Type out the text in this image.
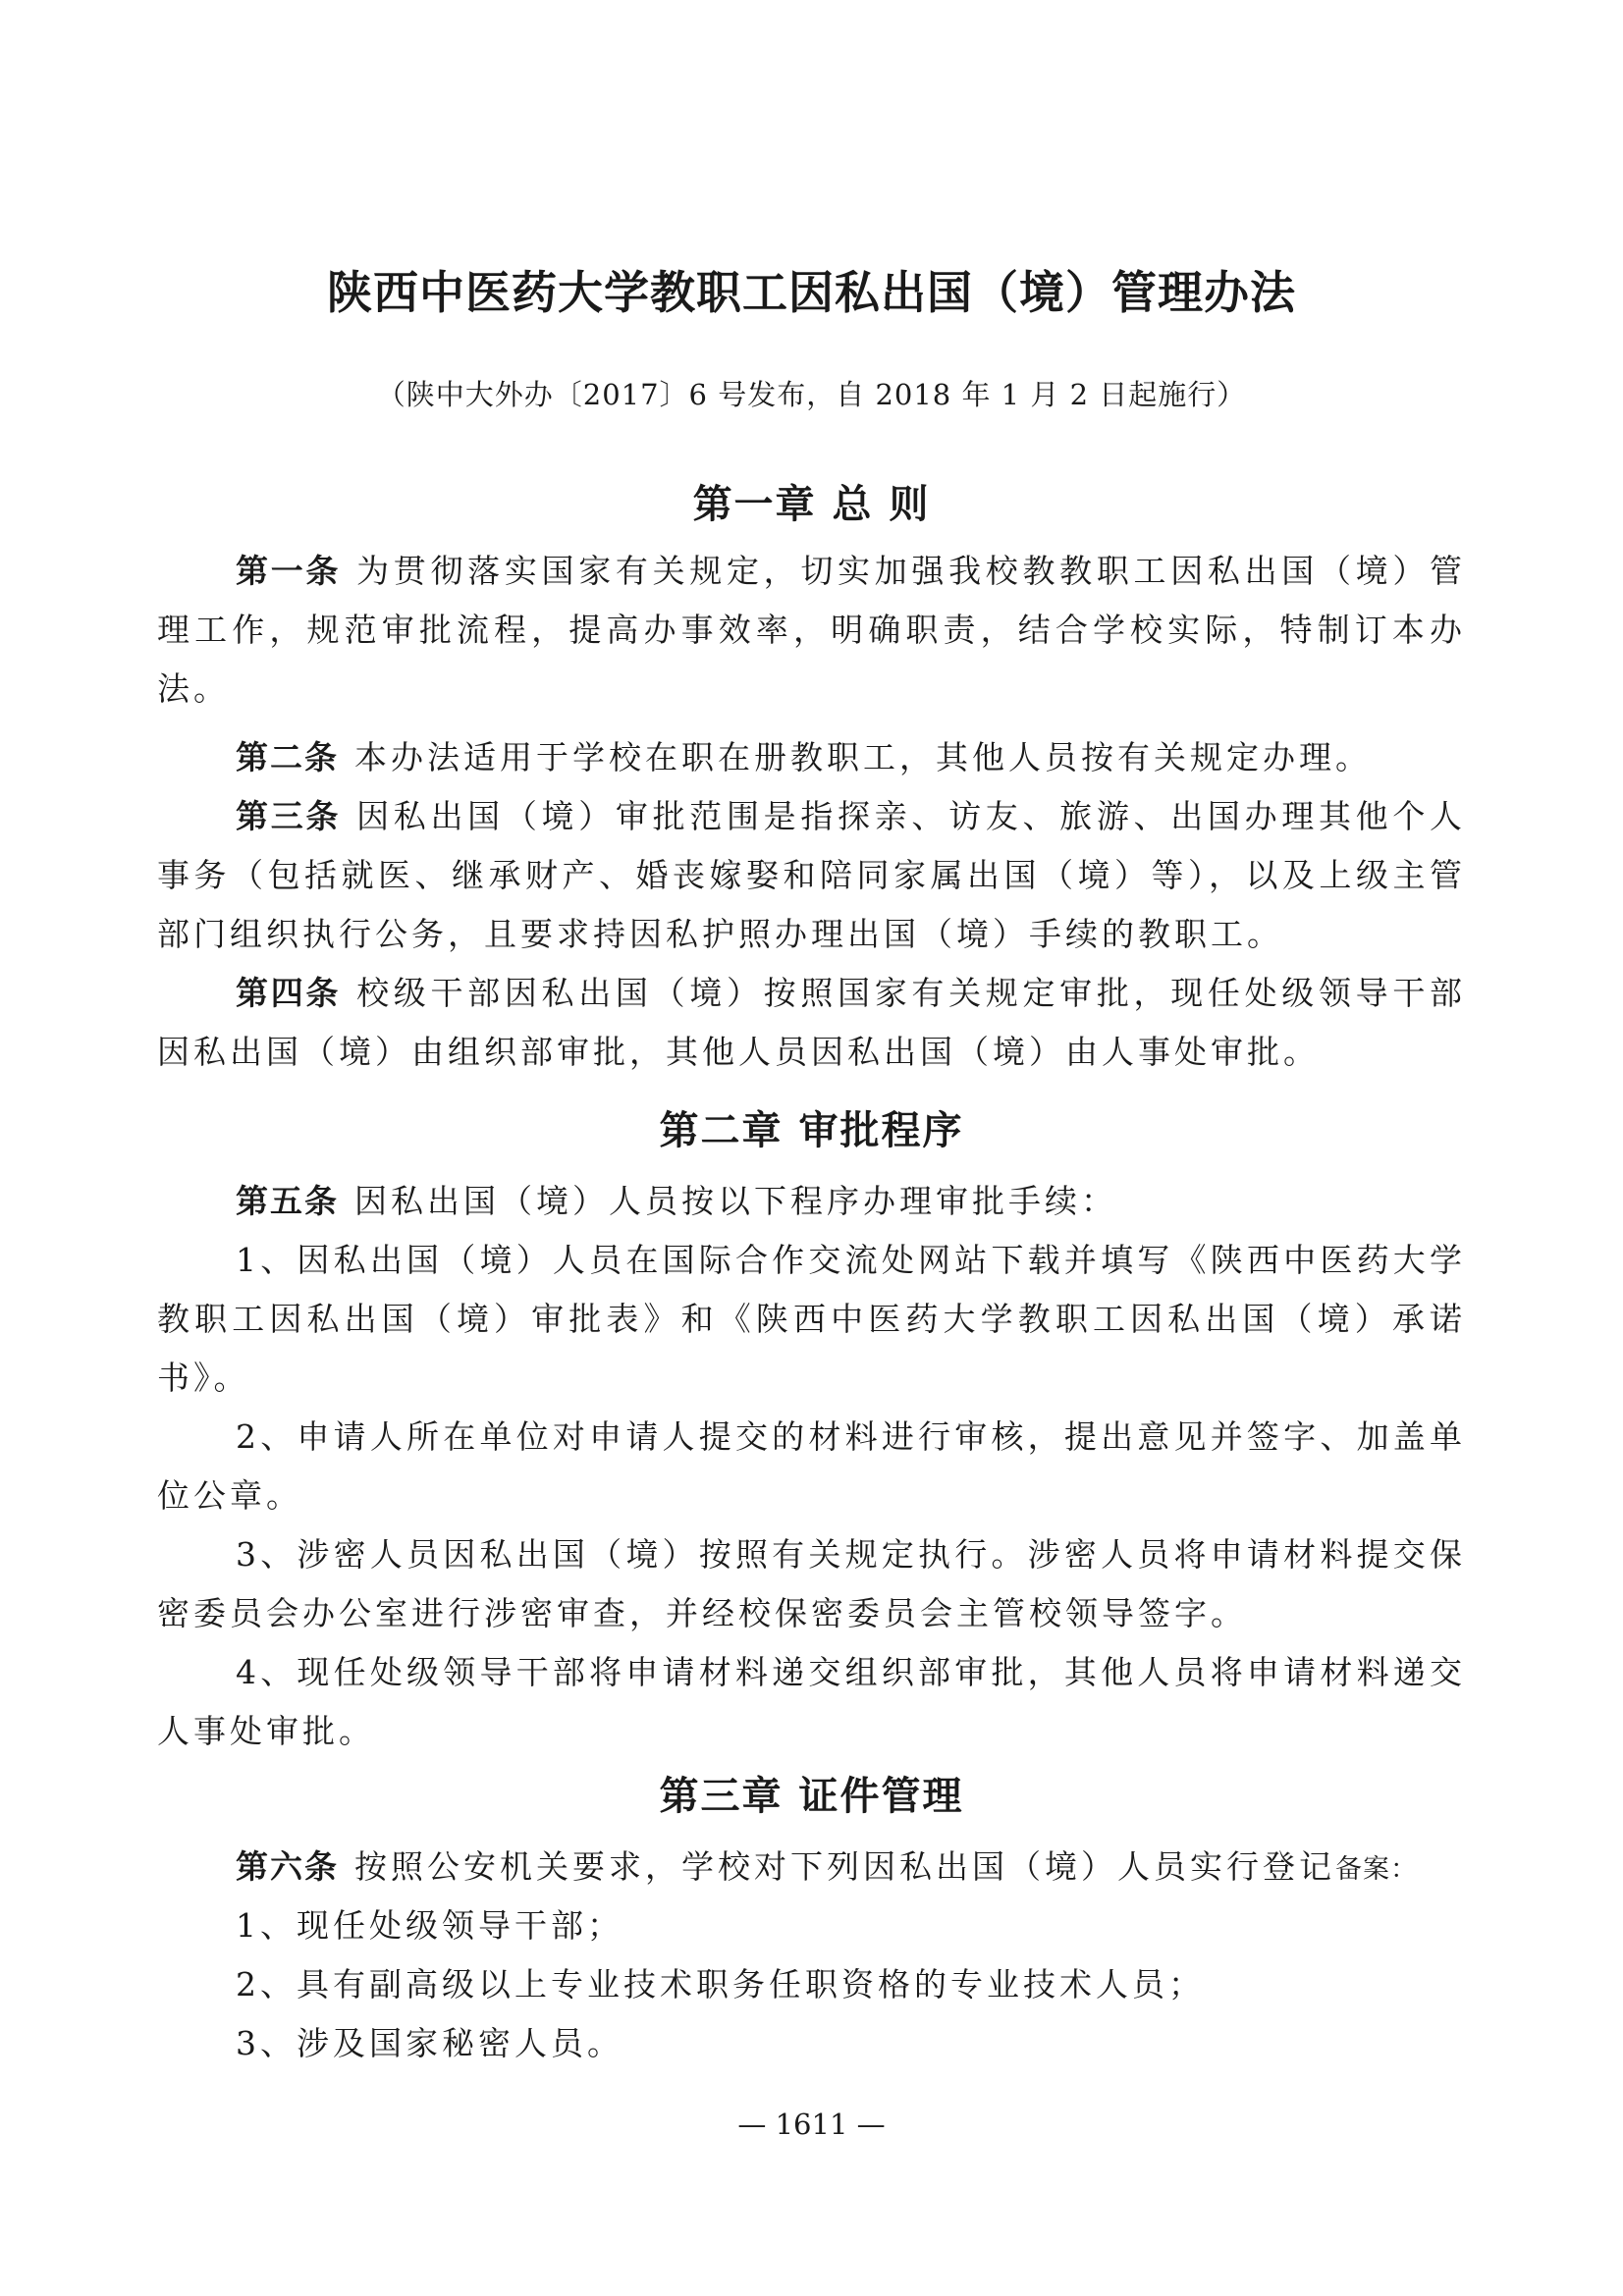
陕西中医药大学教职工因私出国（境）管理办法
（陕中大外办〔2017〕6 号发布，自 2018 年 1 月 2 日起施行）
第一章 总 则

第一条 为贯彻落实国家有关规定，切实加强我校教教职工因私出国（境）管理工作，规范审批流程，提高办事效率，明确职责，结合学校实际，特制订本办法。

第二条 本办法适用于学校在职在册教职工，其他人员按有关规定办理。

第三条 因私出国（境）审批范围是指探亲、访友、旅游、出国办理其他个人事务（包括就医、继承财产、婚丧嫁娶和陪同家属出国（境）等），以及上级主管部门组织执行公务，且要求持因私护照办理出国（境）手续的教职工。

第四条 校级干部因私出国（境）按照国家有关规定审批，现任处级领导干部因私出国（境）由组织部审批，其他人员因私出国（境）由人事处审批。

第二章 审批程序

第五条 因私出国（境）人员按以下程序办理审批手续：

1、因私出国（境）人员在国际合作交流处网站下载并填写《陕西中医药大学教职工因私出国（境）审批表》和《陕西中医药大学教职工因私出国（境）承诺书》。

2、申请人所在单位对申请人提交的材料进行审核，提出意见并签字、加盖单位公章。

3、涉密人员因私出国（境）按照有关规定执行。涉密人员将申请材料提交保密委员会办公室进行涉密审查，并经校保密委员会主管校领导签字。

4、现任处级领导干部将申请材料递交组织部审批，其他人员将申请材料递交人事处审批。

第三章 证件管理

第六条 按照公安机关要求，学校对下列因私出国（境）人员实行登记备案：

1、现任处级领导干部；

2、具有副高级以上专业技术职务任职资格的专业技术人员；

3、涉及国家秘密人员。

— 1611 —
